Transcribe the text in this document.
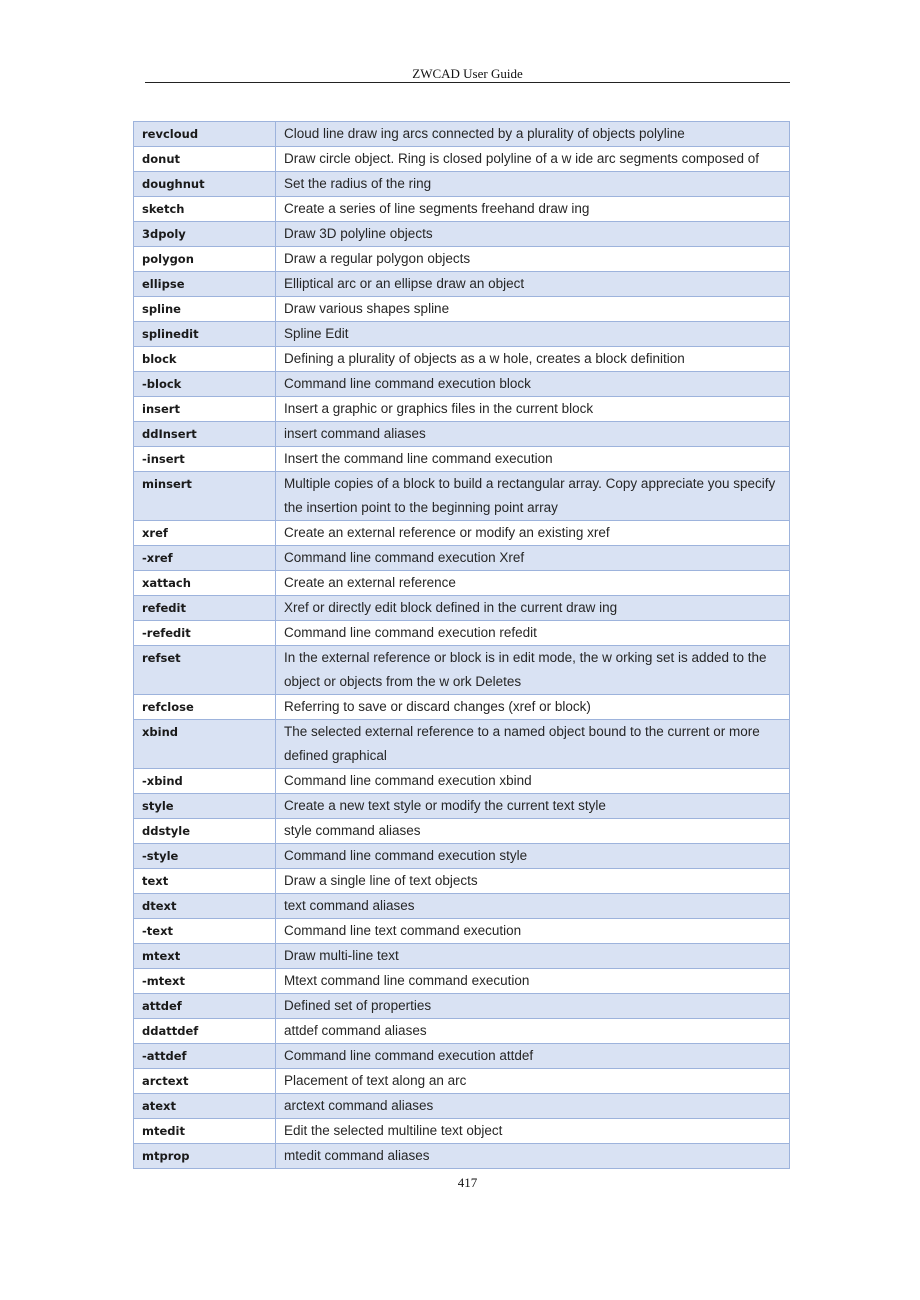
ZWCAD User Guide
revcloud	Cloud line draw ing arcs connected by a plurality of objects polyline
donut	Draw circle object. Ring is closed polyline of a w ide arc segments composed of
doughnut	Set the radius of the ring
sketch	Create a series of line segments freehand draw ing
3dpoly	Draw 3D polyline objects
polygon	Draw a regular polygon objects
ellipse	Elliptical arc or an ellipse draw an object
spline	Draw various shapes spline
splinedit	Spline Edit
block	Defining a plurality of objects as a w hole, creates a block definition
-block	Command line command execution block
insert	Insert a graphic or graphics files in the current block
ddInsert	insert command aliases
-insert	Insert the command line command execution
minsert	Multiple copies of a block to build a rectangular array. Copy appreciate you specify the insertion point to the beginning point array
xref	Create an external reference or modify an existing xref
-xref	Command line command execution Xref
xattach	Create an external reference
refedit	Xref or directly edit block defined in the current draw ing
-refedit	Command line command execution refedit
refset	In the external reference or block is in edit mode, the w orking set is added to the object or objects from the w ork Deletes
refclose	Referring to save or discard changes (xref or block)
xbind	The selected external reference to a named object bound to the current or more defined graphical
-xbind	Command line command execution xbind
style	Create a new text style or modify the current text style
ddstyle	style command aliases
-style	Command line command execution style
text	Draw a single line of text objects
dtext	text command aliases
-text	Command line text command execution
mtext	Draw multi-line text
-mtext	Mtext command line command execution
attdef	Defined set of properties
ddattdef	attdef command aliases
-attdef	Command line command execution attdef
arctext	Placement of text along an arc
atext	arctext command aliases
mtedit	Edit the selected multiline text object
mtprop	mtedit command aliases
417
